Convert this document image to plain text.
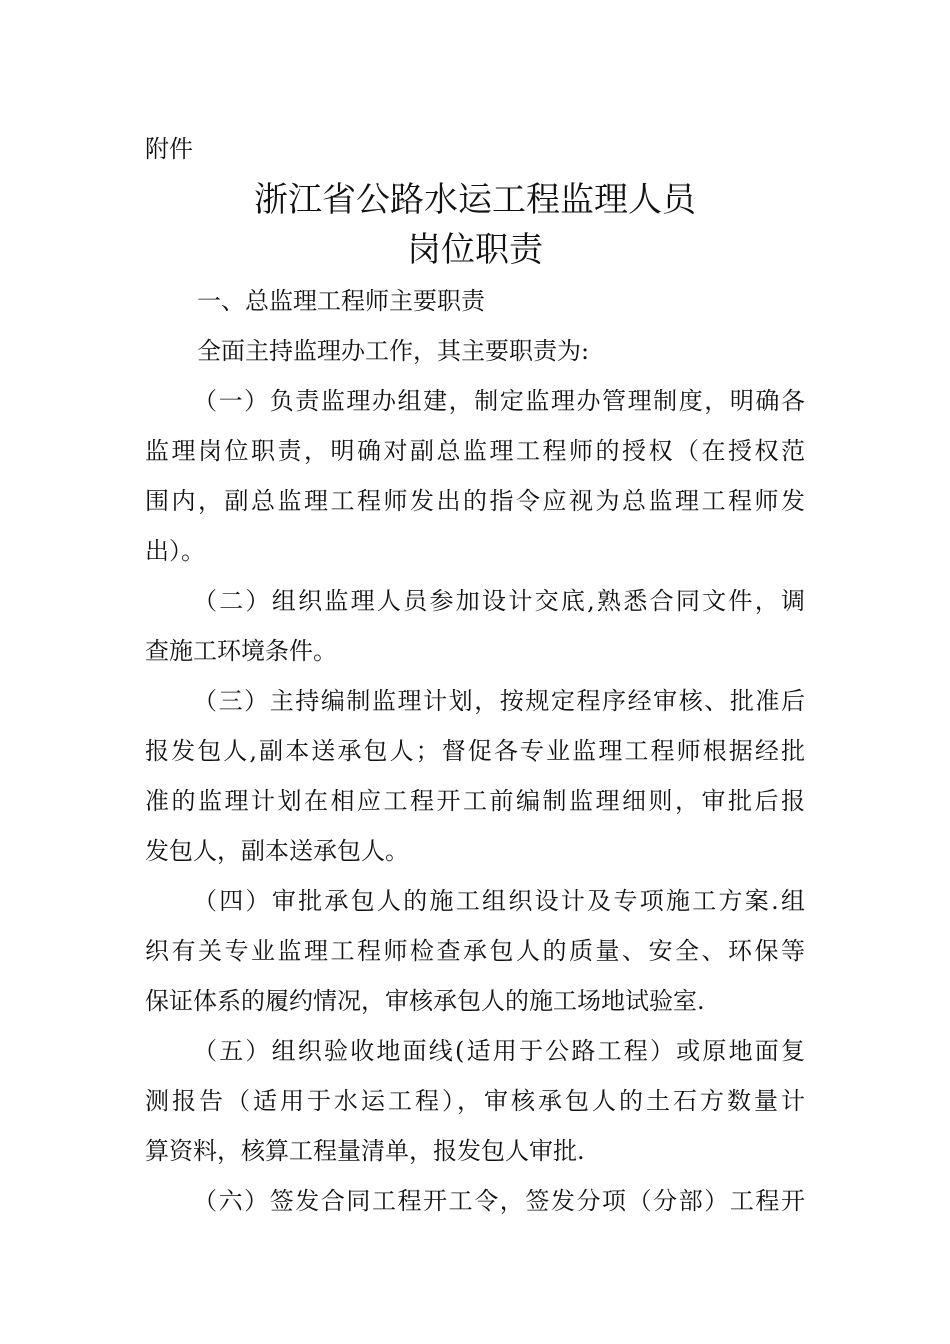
附件
浙江省公路水运工程监理人员
岗位职责
一、总监理工程师主要职责
全面主持监理办工作，其主要职责为:
（一）负责监理办组建，制定监理办管理制度，明确各
监理岗位职责，明确对副总监理工程师的授权（在授权范
围内，副总监理工程师发出的指令应视为总监理工程师发
出）。
（二）组织监理人员参加设计交底,熟悉合同文件，调
查施工环境条件。
（三）主持编制监理计划，按规定程序经审核、批准后
报发包人,副本送承包人；督促各专业监理工程师根据经批
准的监理计划在相应工程开工前编制监理细则，审批后报
发包人，副本送承包人。
（四）审批承包人的施工组织设计及专项施工方案.组
织有关专业监理工程师检查承包人的质量、安全、环保等
保证体系的履约情况，审核承包人的施工场地试验室.
（五）组织验收地面线(适用于公路工程）或原地面复
测报告（适用于水运工程），审核承包人的土石方数量计
算资料，核算工程量清单，报发包人审批.
（六）签发合同工程开工令，签发分项（分部）工程开
